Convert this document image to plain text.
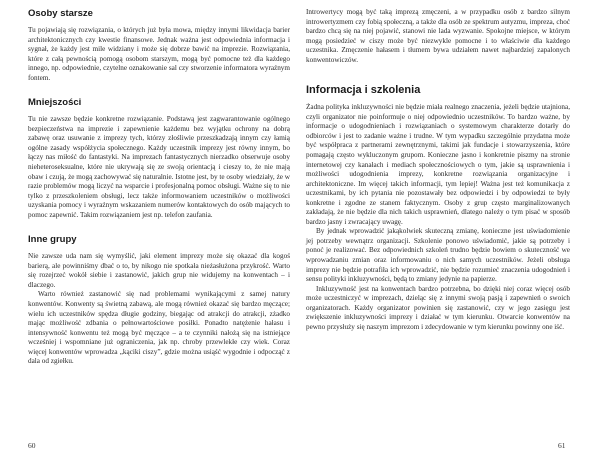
Osoby starsze

Tu pojawiają się rozwiązania, o których już była mowa, między innymi likwidacja barier architektonicznych czy kwestie finansowe. Jednak ważna jest odpowiednia informacja i sygnał, że każdy jest mile widziany i może się dobrze bawić na imprezie. Rozwiązania, które z całą pewnością pomogą osobom starszym, mogą być pomocne też dla każdego innego, np. odpowiednie, czytelne oznakowanie sal czy stworzenie informatora wyraźnym fontem.

Mniejszości

Tu nie zawsze będzie konkretne rozwiązanie. Podstawą jest zagwarantowanie ogólnego bezpieczeństwa na imprezie i zapewnienie każdemu bez wyjątku ochrony na dobrą zabawę oraz usuwanie z imprezy tych, którzy złośliwie przeszkadzają innym czy łamią ogólne zasady współżycia społecznego. Każdy uczestnik imprezy jest równy innym, bo łączy nas miłość do fantastyki. Na imprezach fantastycznych nierzadko obserwuje osoby nieheteroseksualne, które nie ukrywają się ze swoją orientacją i cieszy to, że nie mają obaw i czują, że mogą zachowywać się naturalnie. Istotne jest, by te osoby wiedziały, że w razie problemów mogą liczyć na wsparcie i profesjonalną pomoc obsługi. Ważne się to nie tylko z przeszkoleniem obsługi, lecz także informowaniem uczestników o możliwości uzyskania pomocy i wyraźnym wskazaniem numerów kontaktowych do osób mających to pomoc zapewnić. Takim rozwiązaniem jest np. telefon zaufania.

Inne grupy

Nie zawsze uda nam się wymyślić, jaki element imprezy może się okazać dla kogoś barierą, ale powinniśmy dbać o to, by nikogo nie spotkała nieżasłużona przykrość. Warto się rozejrzeć wokół siebie i zastanowić, jakich grup nie widujemy na konwentach – i dlaczego.

Warto również zastanowić się nad problemami wynikającymi z samej natury konwentów. Konwenty są świetną zabawą, ale mogą również okazać się bardzo męczące; wielu ich uczestników spędza długie godziny, biegając od atrakcji do atrakcji, zżadko mając możliwość zdbania o pełnowartościowe posiłki. Ponadto natężenie hałasu i intensywność konwentu też mogą być męczące – a te czynniki nałożą się na istniejące wcześniej i wspomniane już ograniczenia, jak np. chroby przewlekłe czy wiek. Coraz więcej konwentów wprowadza „kąciki ciszy”, gdzie można usiąść wygodnie i odpocząć z dala od zgiełku.

Introwertycy mogą być taką imprezą zmęczeni, a w przypadku osób z bardzo silnym introwertyzmem czy fobią społeczną, a także dla osób ze spektrum autyzmu, impreza, choć bardzo chcą się na niej pojawić, stanowi nie lada wyzwanie. Spokojne miejsce, w którym mogą posiedzieć w ciszy może być niezwykle pomocne i to właściwie dla każdego uczestnika. Zmęczenie hałasem i tłumem bywa udziałem nawet najbardziej zapalonych konwentowiczów.

Informacja i szkolenia

Żadna polityka inkluzywności nie będzie miała realnego znaczenia, jeżeli będzie utajniona, czyli organizator nie poinformuje o niej odpowiednio uczestników. To bardzo ważne, by informacje o udogodnieniach i rozwiązaniach o systemowym charakterze dotarły do odbiorców i jest to zadanie ważne i trudne. W tym wypadku szczególnie przydatna może być współpraca z partnerami zewnętrznymi, takimi jak fundacje i stowarzyszenia, które pomagają często wykluczonym grupom. Konieczne jasno i konkretnie piszmy na stronie internetowej czy kanałach i mediach społecznościowych o tym, jakie są usprawnienia i możliwości udogodnienia imprezy, konkretne rozwiązania organizacyjne i architektoniczne. Im więcej takich informacji, tym lepiej! Ważna jest też komunikacja z uczestnikami, by ich pytania nie pozostawały bez odpowiedzi i by odpowiedzi te były konkretne i zgodne ze stanem faktycznym. Osoby z grup często marginalizowanych zakładają, że nie będzie dla nich takich usprawnień, dlatego należy o tym pisać w sposób bardzo jasny i zwracający uwagę.

By jednak wprowadzić jakąkolwiek skuteczną zmianę, konieczne jest uświadomienie jej potrzeby wewnątrz organizacji. Szkolenie ponowo uświadomić, jakie są potrzeby i ponoć je realizować. Bez odpowiednich szkoleń trudno będzie bowiem o skuteczność we wprowadzaniu zmian oraz informowaniu o nich samych uczestników. Jeżeli obsługa imprezy nie będzie potrafiła ich wprowadzić, nie będzie rozumieć znaczenia udogodnień i sensu polityki inkluzywności, będą to zmiany jedynie na papierze.

Inkluzywność jest na konwentach bardzo potrzebna, bo dzięki niej coraz więcej osób może uczestniczyć w imprezach, dzieląc się z innymi swoją pasją i zapewnień o swoich organizatorach. Każdy organizator powinien się zastanowić, czy w jego zasięgu jest zwiększenie inkluzywności imprezy i działać w tym kierunku. Otwarcie konwentów na pewno przysłuży się naszym imprezom i zdecydowanie w tym kierunku powinny one iść.

60	61
